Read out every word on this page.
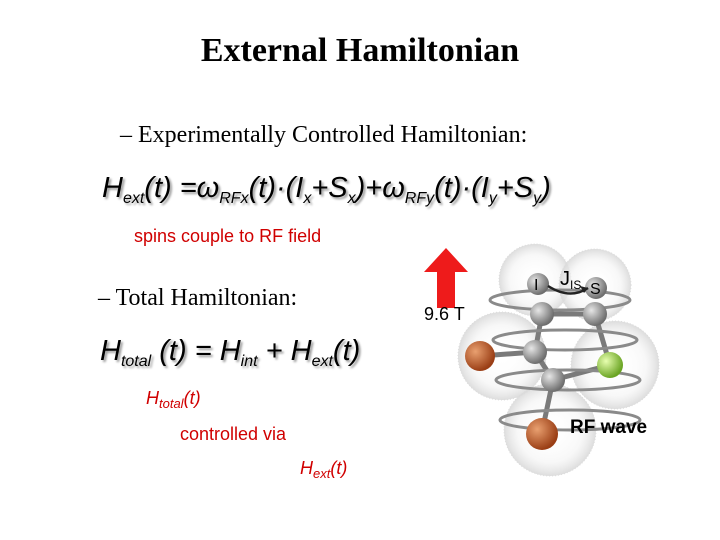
External Hamiltonian
– Experimentally Controlled Hamiltonian:
$H_{ext}(t) =\omega_{RFx}(t)\cdot(I_x+S_x)+\omega_{RFy}(t)\cdot(I_y+S_y)$
spins couple to RF field
– Total Hamiltonian:
$H_{total}$ $(t) = H_{int} + H_{ext}(t)$
$H_{total}(t)$
controlled via
$H_{ext}(t)$
I	S
$J_{IS}$
9.6 T
RF wave
